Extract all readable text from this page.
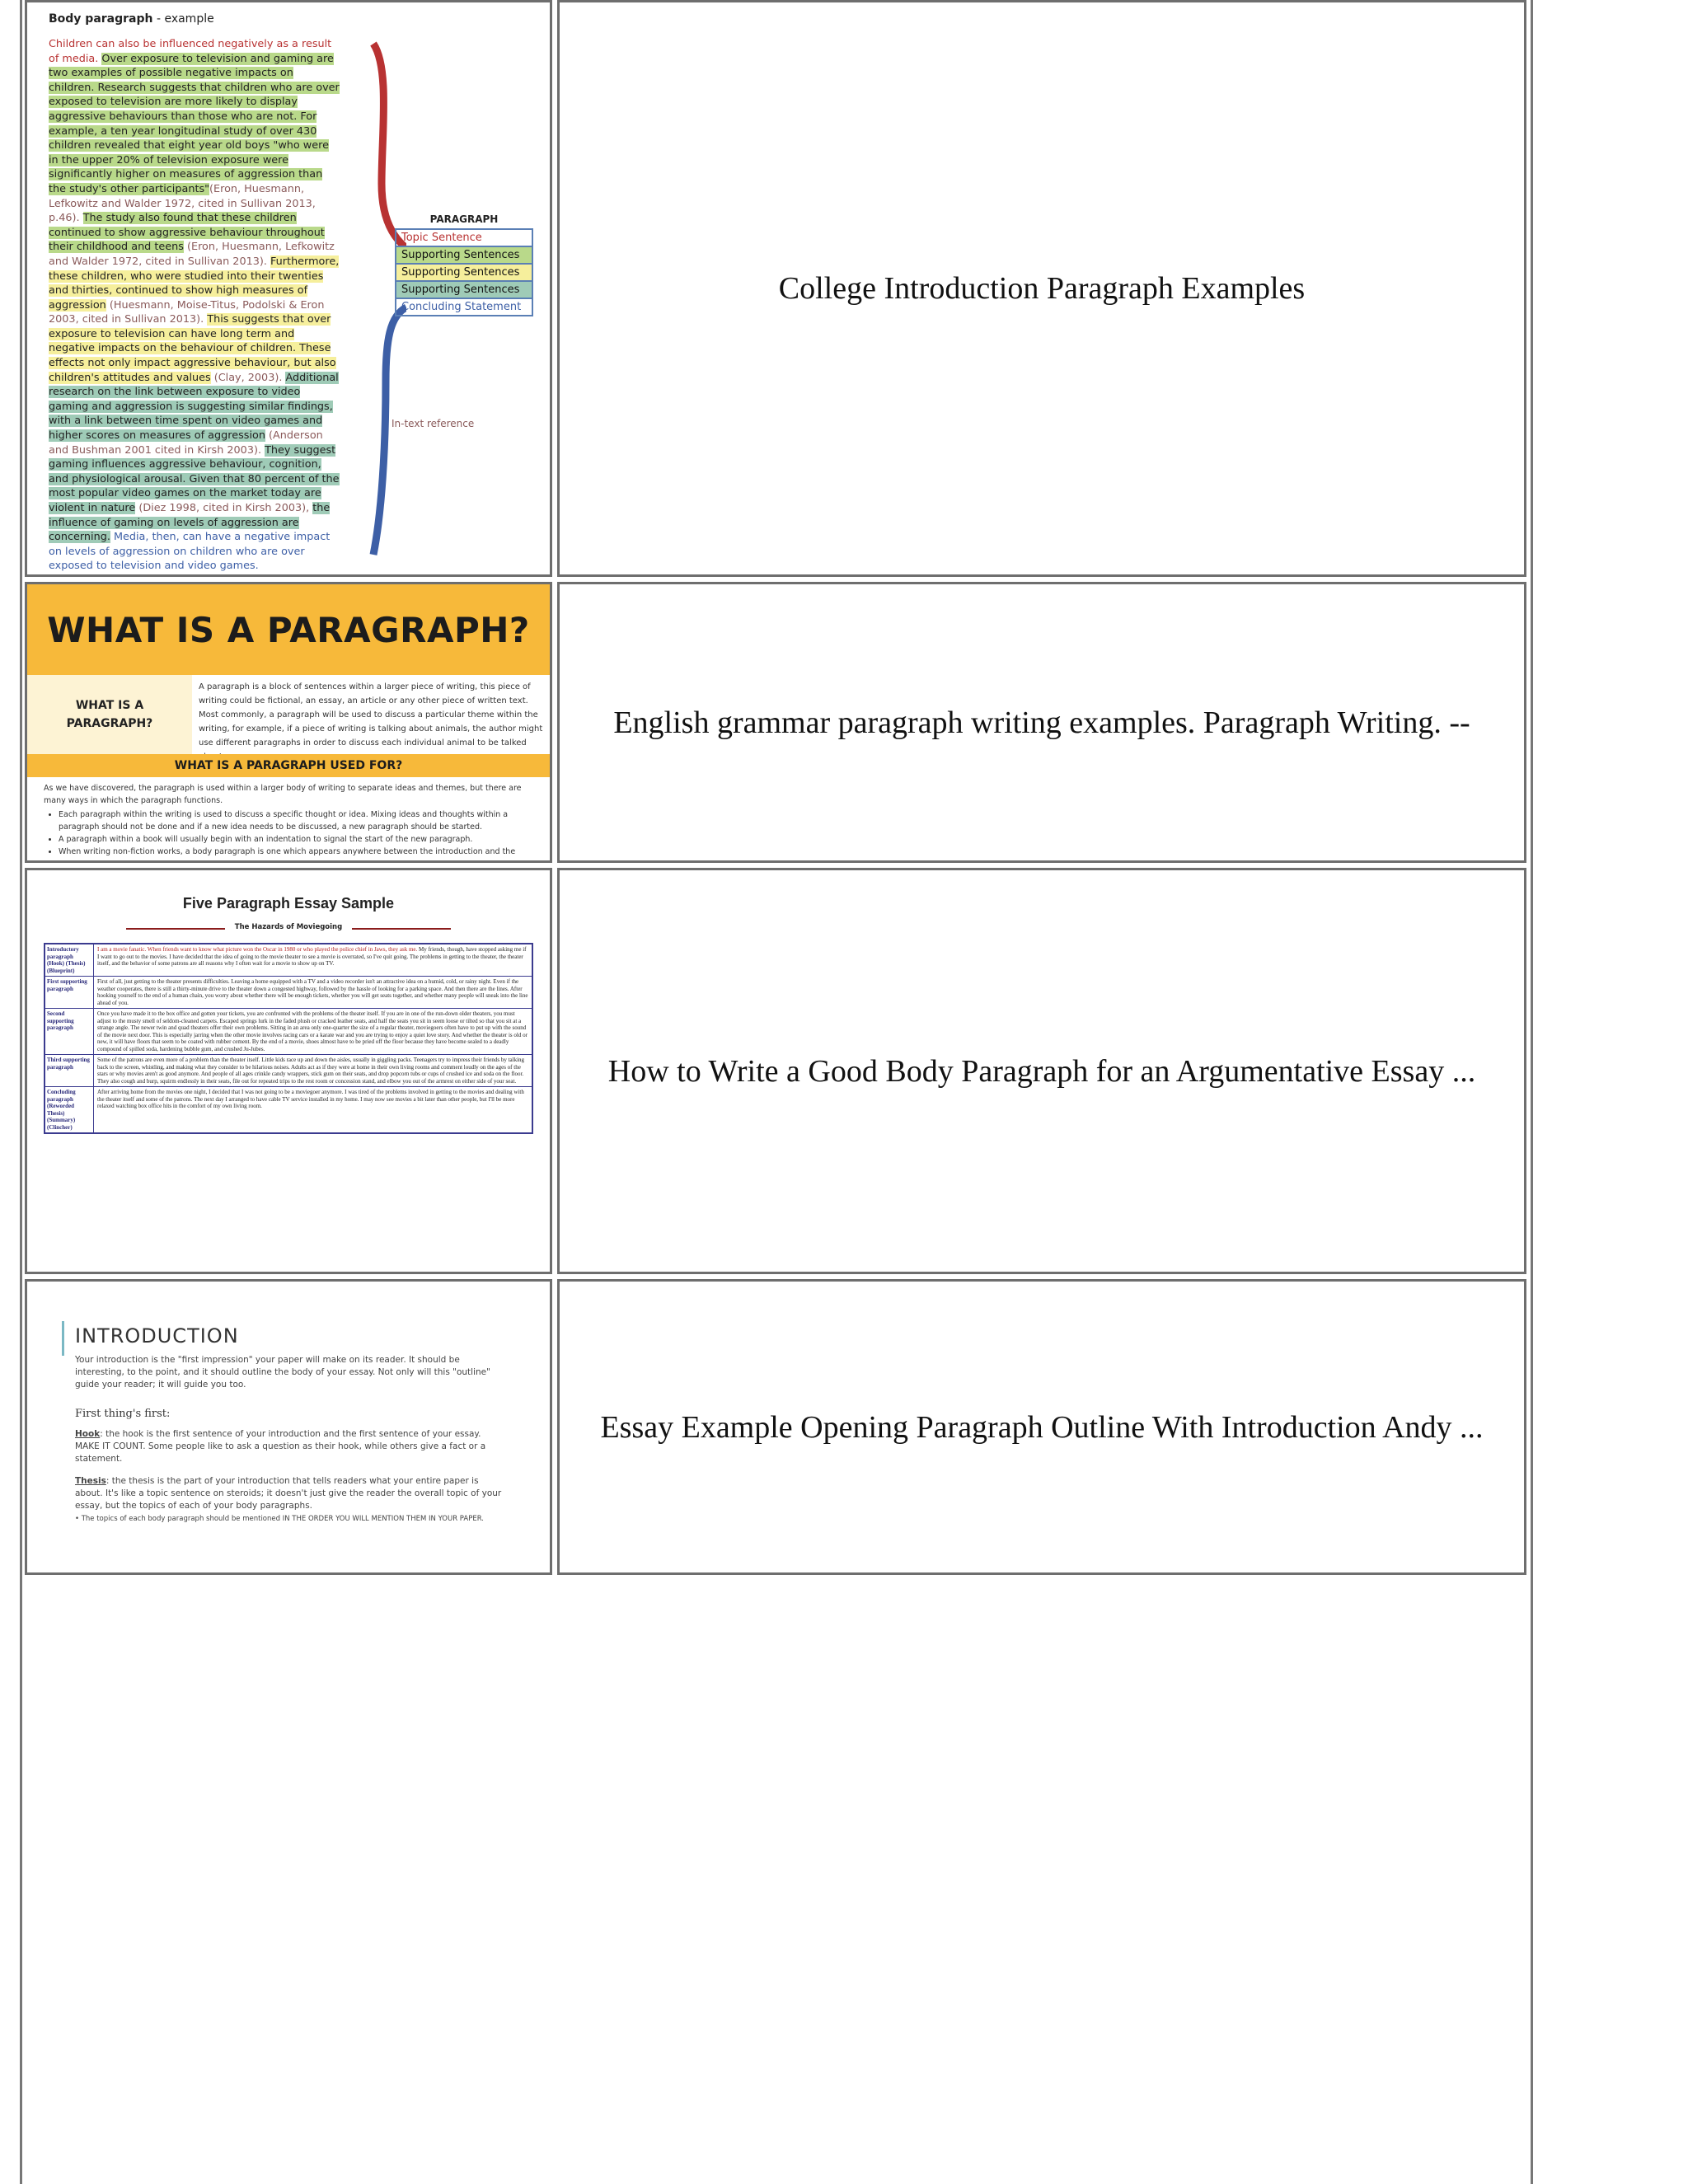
Body paragraph - example
Children can also be influenced negatively as a result of media. Over exposure to television and gaming are two examples of possible negative impacts on children. Research suggests that children who are over exposed to television are more likely to display aggressive behaviours than those who are not. For example, a ten year longitudinal study of over 430 children revealed that eight year old boys "who were in the upper 20% of television exposure were significantly higher on measures of aggression than the study's other participants"(Eron, Huesmann, Lefkowitz and Walder 1972, cited in Sullivan 2013, p.46). The study also found that these children continued to show aggressive behaviour throughout their childhood and teens (Eron, Huesmann, Lefkowitz and Walder 1972, cited in Sullivan 2013). Furthermore, these children, who were studied into their twenties and thirties, continued to show high measures of aggression (Huesmann, Moise-Titus, Podolski & Eron 2003, cited in Sullivan 2013). This suggests that over exposure to television can have long term and negative impacts on the behaviour of children. These effects not only impact aggressive behaviour, but also children's attitudes and values (Clay, 2003). Additional research on the link between exposure to video gaming and aggression is suggesting similar findings, with a link between time spent on video games and higher scores on measures of aggression (Anderson and Bushman 2001 cited in Kirsh 2003). They suggest gaming influences aggressive behaviour, cognition, and physiological arousal. Given that 80 percent of the most popular video games on the market today are violent in nature (Diez 1998, cited in Kirsh 2003), the influence of gaming on levels of aggression are concerning. Media, then, can have a negative impact on levels of aggression on children who are over exposed to television and video games.
PARAGRAPH
Topic Sentence
Supporting Sentences
Supporting Sentences
Supporting Sentences
Concluding Statement
In-text reference
College Introduction Paragraph Examples
WHAT IS A PARAGRAPH?
WHAT IS A PARAGRAPH?
A paragraph is a block of sentences within a larger piece of writing, this piece of writing could be fictional, an essay, an article or any other piece of written text. Most commonly, a paragraph will be used to discuss a particular theme within the writing, for example, if a piece of writing is talking about animals, the author might use different paragraphs in order to discuss each individual animal to be talked
WHAT IS A PARAGRAPH USED FOR?
As we have discovered, the paragraph is used within a larger body of writing to separate ideas and themes, but there are many ways in which the paragraph functions.
• Each paragraph within the writing is used to discuss a specific thought or idea. Mixing ideas and thoughts within a paragraph should not be done and if a new idea needs to be discussed, a new paragraph should be started.
• A paragraph within a book will usually begin with an indentation to signal the start of the new paragraph.
• When writing non-fiction works, a body paragraph is one which appears anywhere between the introduction and the
English grammar paragraph writing examples. Paragraph Writing. --
Five Paragraph Essay Sample
The Hazards of Moviegoing
Introductory paragraph (Hook) (Thesis) (Blueprint)
I am a movie fanatic. When friends want to know what picture won the Oscar in 1980 or who played the police chief in Jaws, they ask me. My friends, though, have stopped asking me if I want to go out to the movies. I have decided that the idea of going to the movie theater to see a movie is overrated, so I've quit going. The problems in getting to the theater, the theater itself, and the behavior of some patrons are all reasons why I often wait for a movie to show up on TV.
First supporting paragraph
First of all, just getting to the theater presents difficulties. Leaving a home equipped with a TV and a video recorder isn't an attractive idea on a humid, cold, or rainy night. Even if the weather cooperates, there is still a thirty-minute drive to the theater down a congested highway, followed by the hassle of looking for a parking space. And then there are the lines. After hooking yourself to the end of a human chain, you worry about whether there will be enough tickets, whether you will get seats together, and whether many people will sneak into the line ahead of you.
Second supporting paragraph
Once you have made it to the box office and gotten your tickets, you are confronted with the problems of the theater itself. If you are in one of the run-down older theaters, you must adjust to the musty smell of seldom-cleaned carpets. Escaped springs lurk in the faded plush or cracked leather seats, and half the seats you sit in seem loose or tilted so that you sit at a strange angle. The newer twin and quad theaters offer their own problems. Sitting in an area only one-quarter the size of a regular theater, moviegoers often have to put up with the sound of the movie next door. This is especially jarring when the other movie involves racing cars or a karate war and you are trying to enjoy a quiet love story. And whether the theater is old or new, it will have floors that seem to be coated with rubber cement. By the end of a movie, shoes almost have to be pried off the floor because they have become sealed to a deadly compound of spilled soda, hardening bubble gum, and crushed Ju-Jubes.
Third supporting paragraph
Some of the patrons are even more of a problem than the theater itself. Little kids race up and down the aisles, usually in giggling packs. Teenagers try to impress their friends by talking back to the screen, whistling, and making what they consider to be hilarious noises. Adults act as if they were at home in their own living rooms and comment loudly on the ages of the stars or why movies aren't as good anymore. And people of all ages crinkle candy wrappers, stick gum on their seats, and drop popcorn tubs or cups of crushed ice and soda on the floor. They also cough and burp, squirm endlessly in their seats, file out for repeated trips to the rest room or concession stand, and elbow you out of the armrest on either side of your seat.
Concluding paragraph (Reworded Thesis) (Summary) (Clincher)
After arriving home from the movies one night, I decided that I was not going to be a moviegoer anymore. I was tired of the problems involved in getting to the movies and dealing with the theater itself and some of the patrons. The next day I arranged to have cable TV service installed in my home. I may now see movies a bit later than other people, but I'll be more relaxed watching box office hits in the comfort of my own living room.
How to Write a Good Body Paragraph for an Argumentative Essay ...
INTRODUCTION

Your introduction is the "first impression" your paper will make on its reader. It should be interesting, to the point, and it should outline the body of your essay. Not only will this "outline" guide your reader; it will guide you too.

First thing's first:

Hook: the hook is the first sentence of your introduction and the first sentence of your essay. MAKE IT COUNT. Some people like to ask a question as their hook, while others give a fact or a statement.

Thesis: the thesis is the part of your introduction that tells readers what your entire paper is about. It's like a topic sentence on steroids; it doesn't just give the reader the overall topic of your essay, but the topics of each of your body paragraphs.

• The topics of each body paragraph should be mentioned IN THE ORDER YOU WILL MENTION THEM IN YOUR PAPER.
Essay Example Opening Paragraph Outline With Introduction Andy ...
